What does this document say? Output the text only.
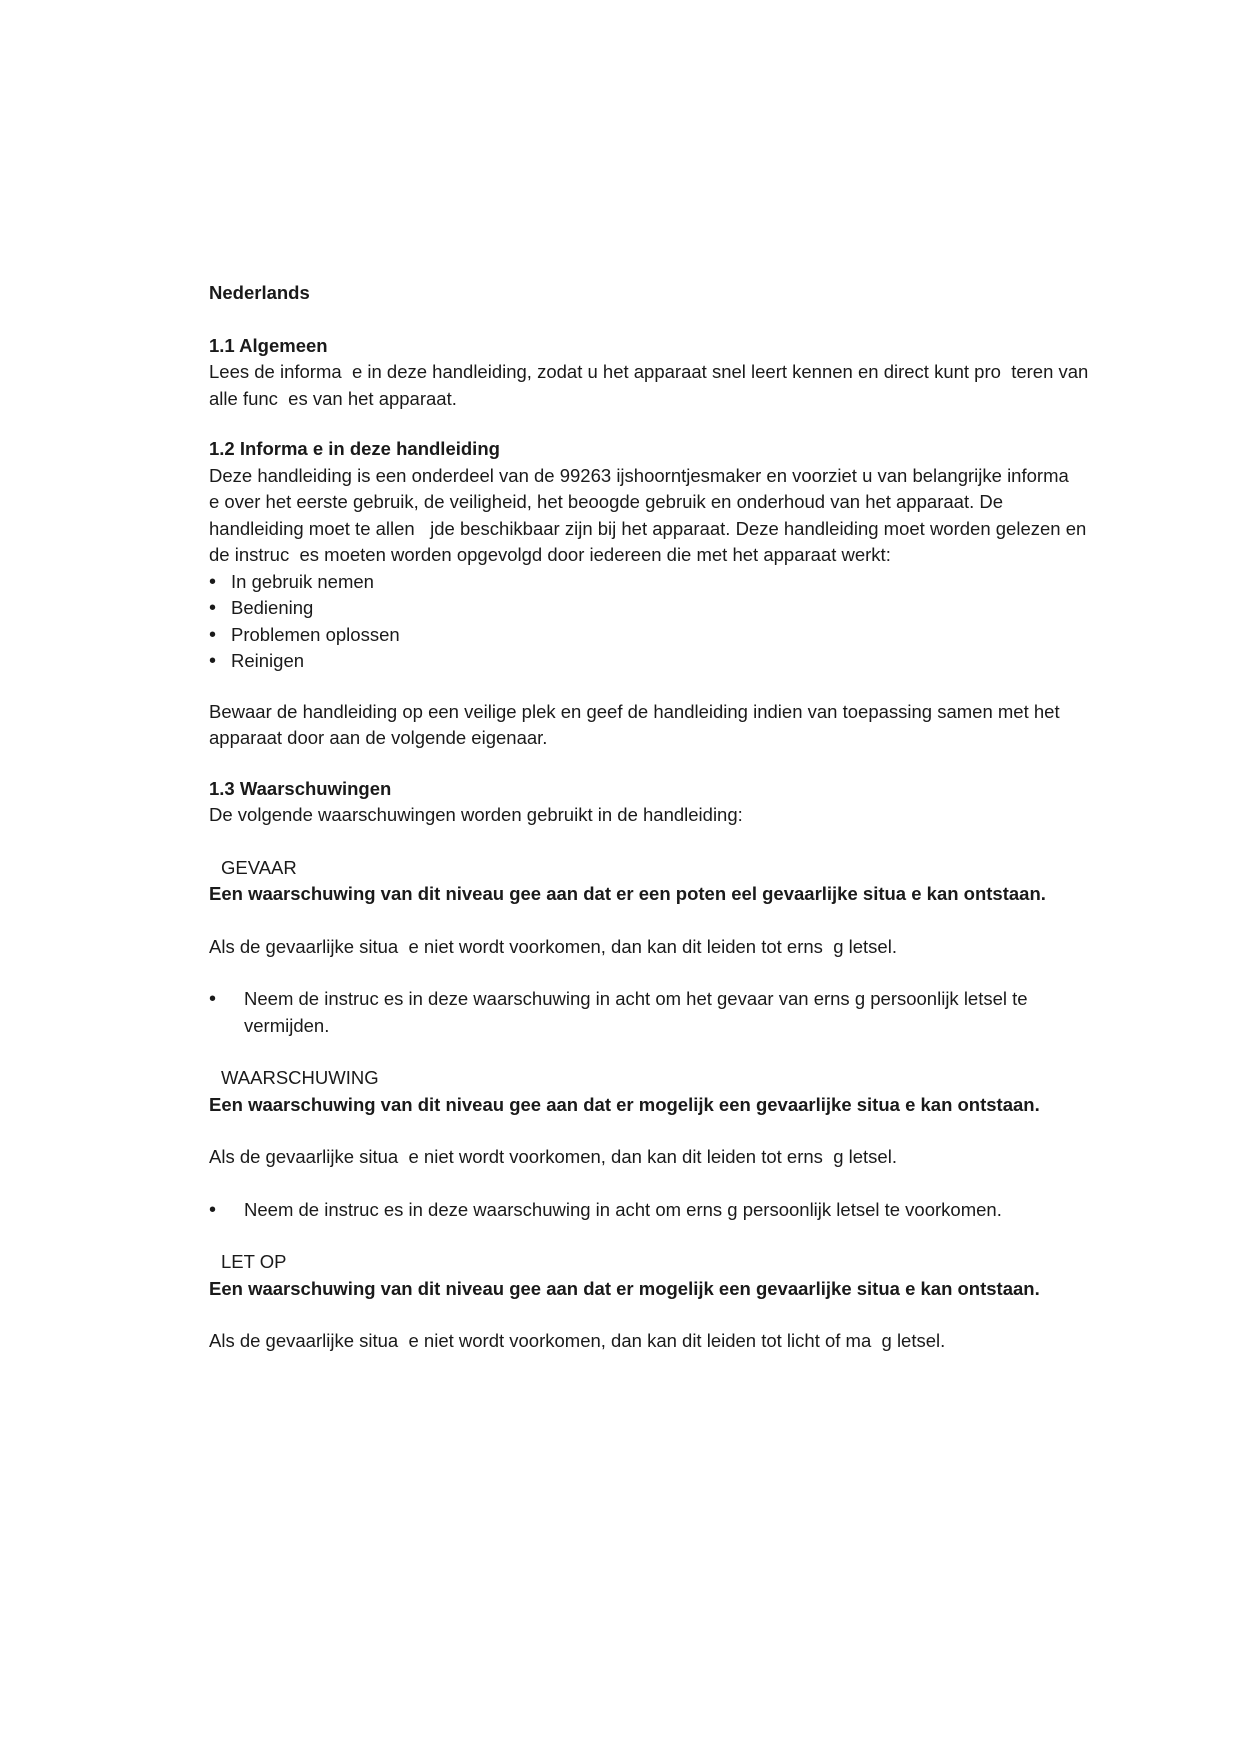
Nederlands

1.1 Algemeen

Lees de informa  e in deze handleiding, zodat u het apparaat snel leert kennen en direct kunt pro  teren van alle func  es van het apparaat.

1.2 Informa e in deze handleiding

Deze handleiding is een onderdeel van de 99263 ijshoorntjesmaker en voorziet u van belangrijke informa  e over het eerste gebruik, de veiligheid, het beoogde gebruik en onderhoud van het apparaat. De handleiding moet te allen   jde beschikbaar zijn bij het apparaat. Deze handleiding moet worden gelezen en de instruc  es moeten worden opgevolgd door iedereen die met het apparaat werkt:

• In gebruik nemen
• Bediening
• Problemen oplossen
• Reinigen

Bewaar de handleiding op een veilige plek en geef de handleiding indien van toepassing samen met het apparaat door aan de volgende eigenaar.

1.3 Waarschuwingen

De volgende waarschuwingen worden gebruikt in de handleiding:

GEVAAR

Een waarschuwing van dit niveau gee aan dat er een poten eel gevaarlijke situa e kan ontstaan.

Als de gevaarlijke situa  e niet wordt voorkomen, dan kan dit leiden tot erns  g letsel.

• Neem de instruc es in deze waarschuwing in acht om het gevaar van erns g persoonlijk letsel te vermijden.

WAARSCHUWING

Een waarschuwing van dit niveau gee aan dat er mogelijk een gevaarlijke situa e kan ontstaan.

Als de gevaarlijke situa  e niet wordt voorkomen, dan kan dit leiden tot erns  g letsel.

• Neem de instruc es in deze waarschuwing in acht om erns g persoonlijk letsel te voorkomen.

LET OP

Een waarschuwing van dit niveau gee aan dat er mogelijk een gevaarlijke situa e kan ontstaan.

Als de gevaarlijke situa  e niet wordt voorkomen, dan kan dit leiden tot licht of ma  g letsel.
